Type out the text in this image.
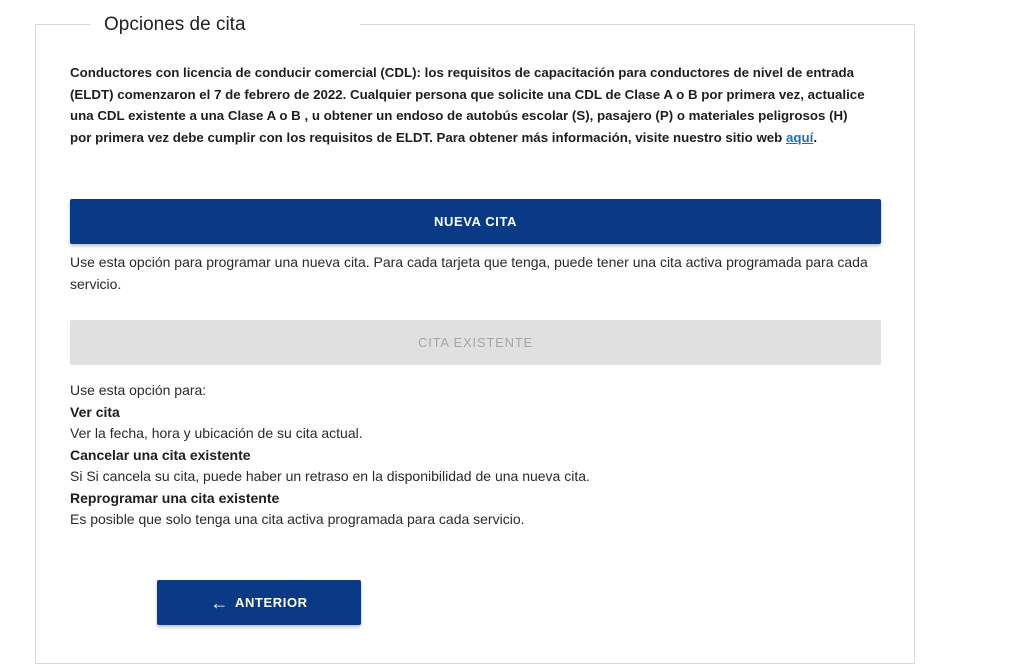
Opciones de cita
Conductores con licencia de conducir comercial (CDL): los requisitos de capacitación para conductores de nivel de entrada (ELDT) comenzaron el 7 de febrero de 2022. Cualquier persona que solicite una CDL de Clase A o B por primera vez, actualice una CDL existente a una Clase A o B , u obtener un endoso de autobús escolar (S), pasajero (P) o materiales peligrosos (H) por primera vez debe cumplir con los requisitos de ELDT. Para obtener más información, visite nuestro sitio web aquí.
NUEVA CITA
Use esta opción para programar una nueva cita. Para cada tarjeta que tenga, puede tener una cita activa programada para cada servicio.
CITA EXISTENTE
Use esta opción para:
Ver cita
Ver la fecha, hora y ubicación de su cita actual.
Cancelar una cita existente
Si Si cancela su cita, puede haber un retraso en la disponibilidad de una nueva cita.
Reprogramar una cita existente
Es posible que solo tenga una cita activa programada para cada servicio.
← ANTERIOR
